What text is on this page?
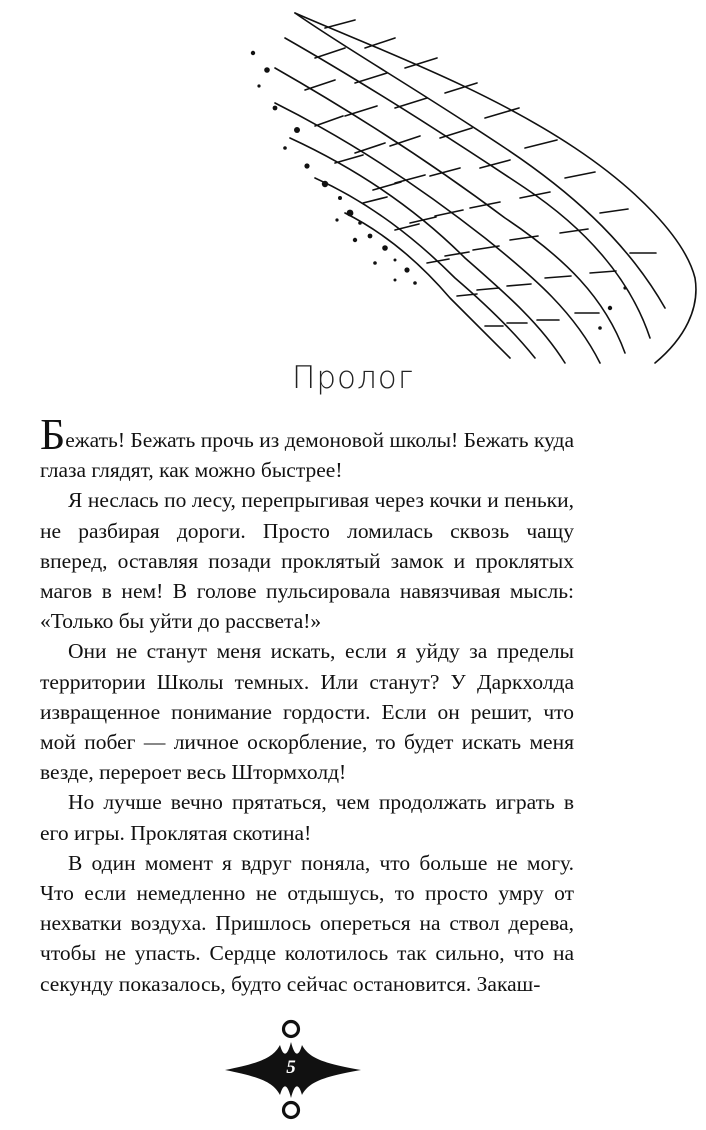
Пролог

Бежать! Бежать прочь из демоновой школы! Бежать куда глаза глядят, как можно быстрее!

Я неслась по лесу, перепрыгивая через кочки и пеньки, не разбирая дороги. Просто ломилась сквозь чащу вперед, оставляя позади проклятый замок и проклятых магов в нем! В голове пульсировала навязчивая мысль: «Только бы уйти до рассвета!»

Они не станут меня искать, если я уйду за пределы территории Школы темных. Или станут? У Даркхолда извращенное понимание гордости. Если он решит, что мой побег — личное оскорбление, то будет искать меня везде, перероет весь Штормхолд!

Но лучше вечно прятаться, чем продолжать играть в его игры. Проклятая скотина!

В один момент я вдруг поняла, что больше не могу. Что если немедленно не отдышусь, то просто умру от нехватки воздуха. Пришлось опереться на ствол дерева, чтобы не упасть. Сердце колотилось так сильно, что на секунду показалось, будто сейчас остановится. Закаш-

5
